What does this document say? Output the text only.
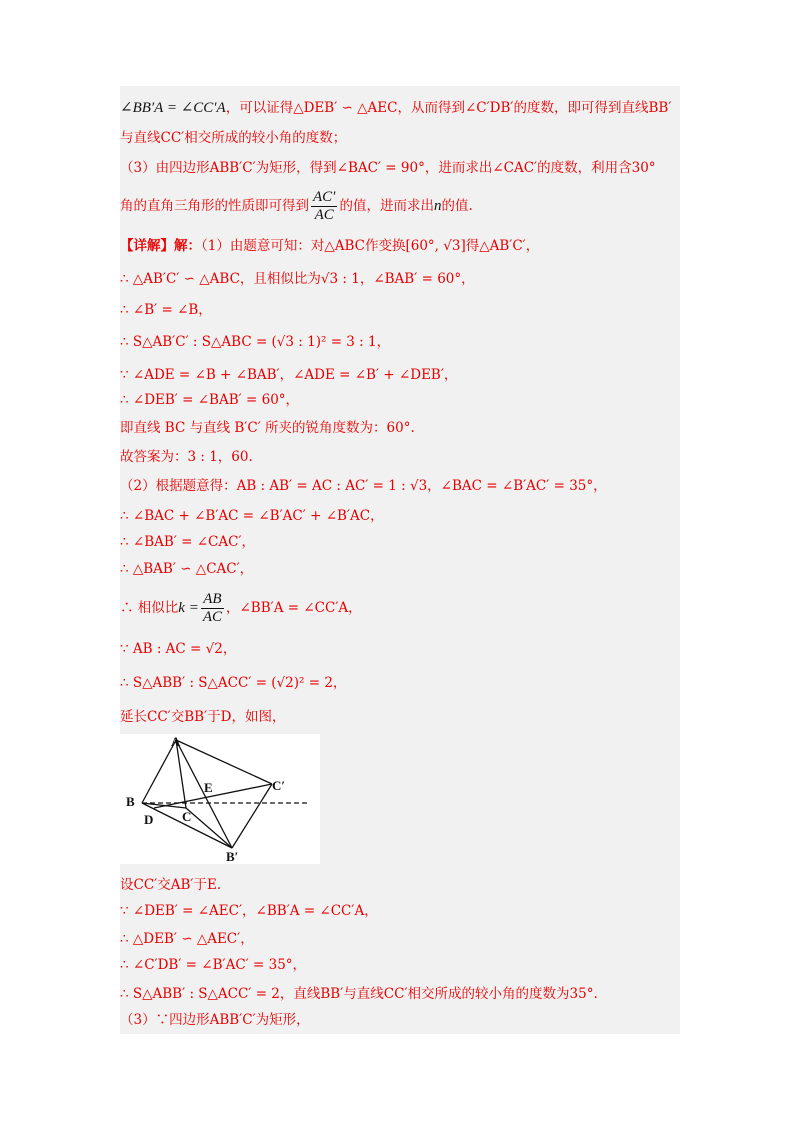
∠BB′A = ∠CC′A，可以证得△DEB′ ∽ △AEC，从而得到∠C′DB′的度数，即可得到直线BB′
与直线CC′相交所成的较小角的度数；
（3）由四边形ABB′C′为矩形，得到∠BAC′ = 90°，进而求出∠CAC′的度数，利用含30°
角的直角三角形的性质即可得到 $\frac{AC'}{AC}$ 的值，进而求出n的值.
【详解】解：（1）由题意可知：对△ABC作变换[60°, √3]得△AB′C′，
∴ △AB′C′ ∽ △ABC，且相似比为√3 : 1，∠BAB′ = 60°，
∴ ∠B′ = ∠B，
∴ S△AB′C′ : S△ABC = (√3 : 1)² = 3 : 1，
∵ ∠ADE = ∠B + ∠BAB′，∠ADE = ∠B′ + ∠DEB′，
∴ ∠DEB′ = ∠BAB′ = 60°，
即直线 BC 与直线 B′C′ 所夹的锐角度数为：60°.
故答案为：3 : 1，60.
（2）根据题意得：AB : AB′ = AC : AC′ = 1 : √3，∠BAC = ∠B′AC′ = 35°，
∴ ∠BAC + ∠B′AC = ∠B′AC′ + ∠B′AC，
∴ ∠BAB′ = ∠CAC′，
∴ △BAB′ ∽ △CAC′，
∴ 相似比$k = \frac{AB}{AC}$ ，∠BB′A = ∠CC′A，
∵ AB : AC = √2，
∴ S△ABB′ : S△ACC′ = (√2)² = 2，
延长CC′交BB′于D，如图，
A
B
D C
E	C′
B′
设CC′交AB′于E.
∵ ∠DEB′ = ∠AEC′，∠BB′A = ∠CC′A，
∴ △DEB′ ∽ △AEC′，
∴ ∠C′DB′ = ∠B′AC′ = 35°，
∴ S△ABB′ : S△ACC′ = 2，直线BB′与直线CC′相交所成的较小角的度数为35°.
（3）∵四边形ABB′C′为矩形，
